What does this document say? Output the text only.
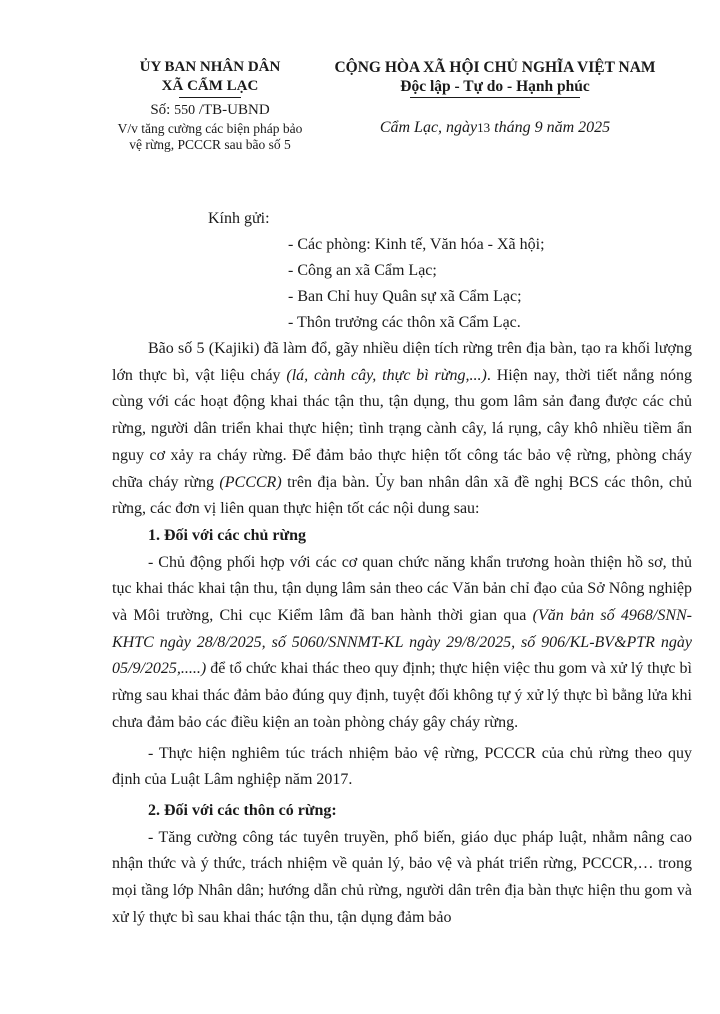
ỦY BAN NHÂN DÂN
XÃ CẨM LẠC
Số: 550 /TB-UBND
V/v tăng cường các biện pháp bảo
vệ rừng, PCCCR sau bão số 5
CỘNG HÒA XÃ HỘI CHỦ NGHĨA VIỆT NAM
Độc lập - Tự do - Hạnh phúc
Cẩm Lạc, ngày13 tháng 9 năm 2025
Kính gửi:
- Các phòng: Kinh tế, Văn hóa - Xã hội;
- Công an xã Cẩm Lạc;
- Ban Chỉ huy Quân sự xã Cẩm Lạc;
- Thôn trưởng các thôn xã Cẩm Lạc.

Bão số 5 (Kajiki) đã làm đổ, gãy nhiều diện tích rừng trên địa bàn, tạo ra khối lượng lớn thực bì, vật liệu cháy (lá, cành cây, thực bì rừng,...). Hiện nay, thời tiết nắng nóng cùng với các hoạt động khai thác tận thu, tận dụng, thu gom lâm sản đang được các chủ rừng, người dân triển khai thực hiện; tình trạng cành cây, lá rụng, cây khô nhiều tiềm ẩn nguy cơ xảy ra cháy rừng. Để đảm bảo thực hiện tốt công tác bảo vệ rừng, phòng cháy chữa cháy rừng (PCCCR) trên địa bàn. Ủy ban nhân dân xã đề nghị BCS các thôn, chủ rừng, các đơn vị liên quan thực hiện tốt các nội dung sau:

1. Đối với các chủ rừng

- Chủ động phối hợp với các cơ quan chức năng khẩn trương hoàn thiện hồ sơ, thủ tục khai thác khai tận thu, tận dụng lâm sản theo các Văn bản chỉ đạo của Sở Nông nghiệp và Môi trường, Chi cục Kiểm lâm đã ban hành thời gian qua (Văn bản số 4968/SNN-KHTC ngày 28/8/2025, số 5060/SNNMT-KL ngày 29/8/2025, số 906/KL-BV&PTR ngày 05/9/2025,.....) để tổ chức khai thác theo quy định; thực hiện việc thu gom và xử lý thực bì rừng sau khai thác đảm bảo đúng quy định, tuyệt đối không tự ý xử lý thực bì bằng lửa khi chưa đảm bảo các điều kiện an toàn phòng cháy gây cháy rừng.

- Thực hiện nghiêm túc trách nhiệm bảo vệ rừng, PCCCR của chủ rừng theo quy định của Luật Lâm nghiệp năm 2017.

2. Đối với các thôn có rừng:

- Tăng cường công tác tuyên truyền, phổ biến, giáo dục pháp luật, nhằm nâng cao nhận thức và ý thức, trách nhiệm về quản lý, bảo vệ và phát triển rừng, PCCCR,… trong mọi tầng lớp Nhân dân; hướng dẫn chủ rừng, người dân trên địa bàn thực hiện thu gom và xử lý thực bì sau khai thác tận thu, tận dụng đảm bảo
